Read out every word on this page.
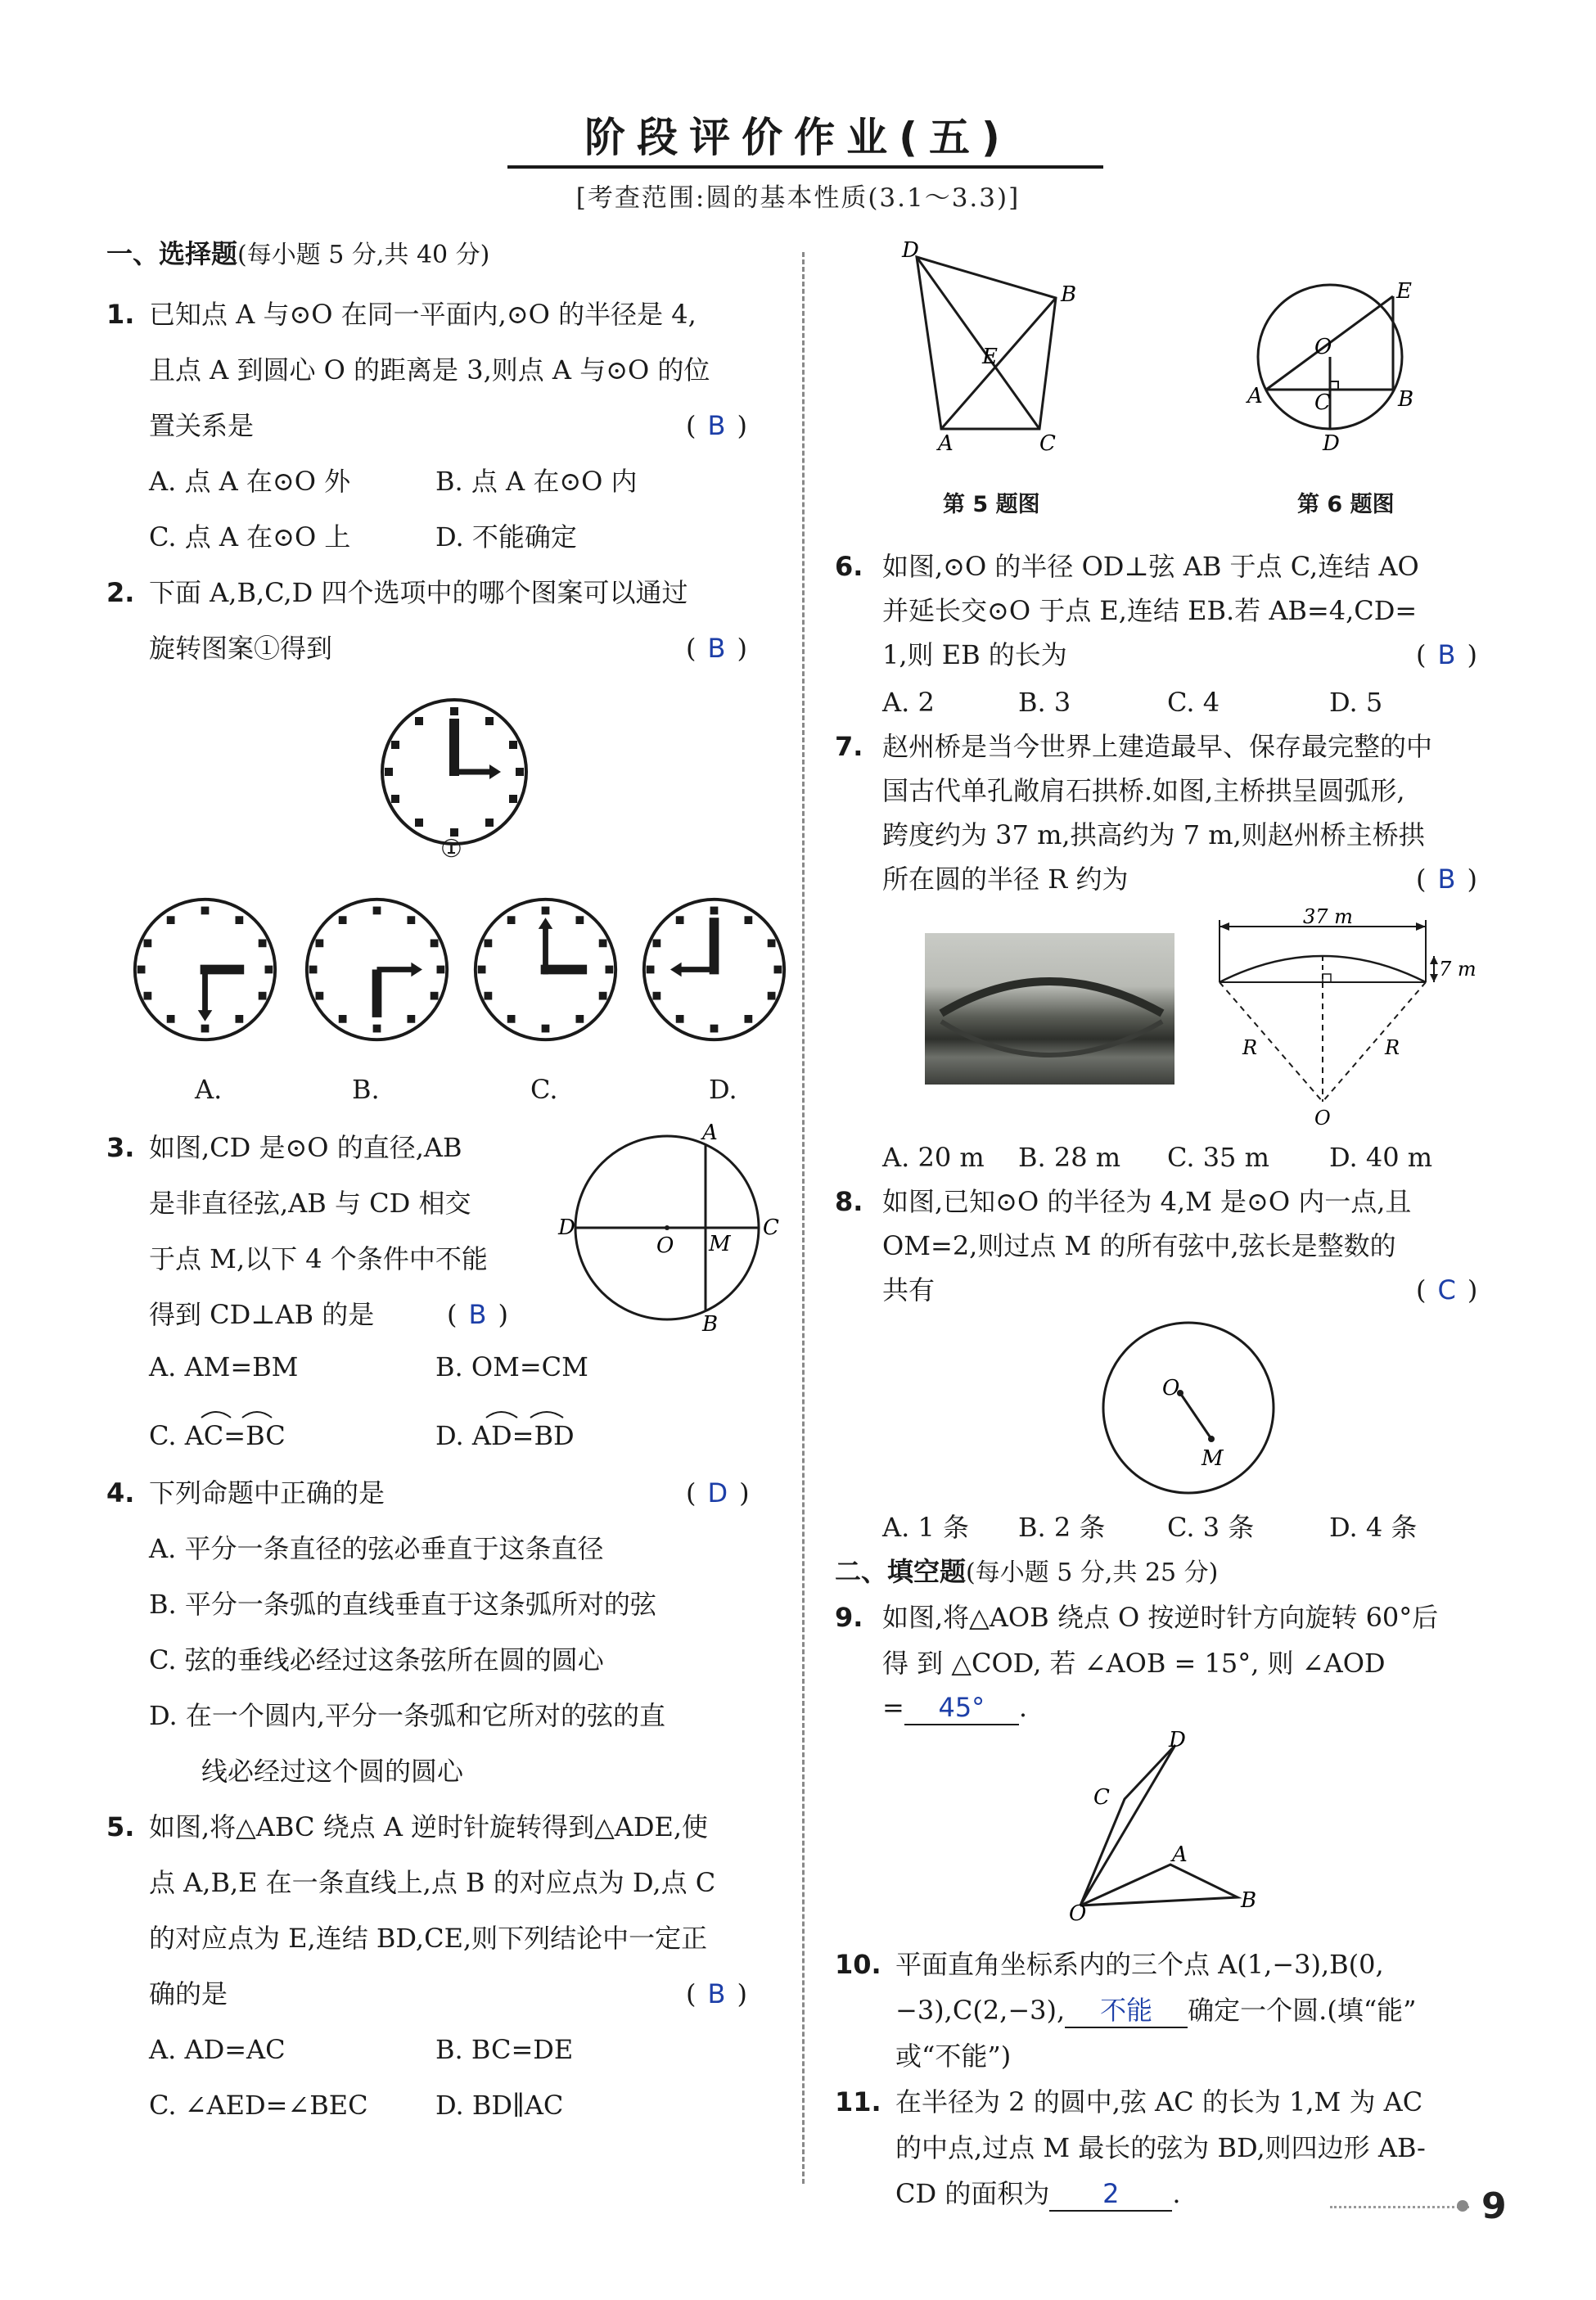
阶段评价作业(五)
[考查范围:圆的基本性质(3.1～3.3)]
一、选择题(每小题 5 分,共 40 分)
1. 已知点 A 与⊙O 在同一平面内,⊙O 的半径是 4,
且点 A 到圆心 O 的距离是 3,则点 A 与⊙O 的位
置关系是	( B )
A. 点 A 在⊙O 外	B. 点 A 在⊙O 内
C. 点 A 在⊙O 上	D. 不能确定
2. 下面 A,B,C,D 四个选项中的哪个图案可以通过
旋转图案①得到	( B )
①
A.	B.	C.	D.
3. 如图,CD 是⊙O 的直径,AB
是非直径弦,AB 与 CD 相交
于点 M,以下 4 个条件中不能
得到 CD⊥AB 的是	( B )
A
B
C
D
O M
A. AM=BM	B. OM=CM
C. AC=BC	D. AD=BD
4. 下列命题中正确的是	( D )
A. 平分一条直径的弦必垂直于这条直径
B. 平分一条弧的直线垂直于这条弧所对的弦
C. 弦的垂线必经过这条弦所在圆的圆心
D. 在一个圆内,平分一条弧和它所对的弦的直
线必经过这个圆的圆心
5. 如图,将△ABC 绕点 A 逆时针旋转得到△ADE,使
点 A,B,E 在一条直线上,点 B 的对应点为 D,点 C
的对应点为 E,连结 BD,CE,则下列结论中一定正
确的是	( B )
A. AD=AC	B. BC=DE
C. ∠AED=∠BEC	D. BD∥AC
D
B
E
A	C
E
O
A C	B
D
第 5 题图	第 6 题图
6. 如图,⊙O 的半径 OD⊥弦 AB 于点 C,连结 AO
并延长交⊙O 于点 E,连结 EB.若 AB=4,CD=
1,则 EB 的长为	( B )
A. 2	B. 3	C. 4	D. 5
7. 赵州桥是当今世界上建造最早、保存最完整的中
国古代单孔敞肩石拱桥.如图,主桥拱呈圆弧形,
跨度约为 37 m,拱高约为 7 m,则赵州桥主桥拱
所在圆的半径 R 约为	( B )
37 m
7 m
R	R
O
A. 20 m B. 28 m C. 35 m D. 40 m
8. 如图,已知⊙O 的半径为 4,M 是⊙O 内一点,且
OM=2,则过点 M 的所有弦中,弦长是整数的
共有	( C )
O
M
A. 1 条 B. 2 条 C. 3 条	D. 4 条
二、填空题(每小题 5 分,共 25 分)
9. 如图,将△AOB 绕点 O 按逆时针方向旋转 60°后
得 到 △COD, 若 ∠AOB = 15°, 则 ∠AOD
= 45° .
D
C
A
B
O
10. 平面直角坐标系内的三个点 A(1,−3),B(0,
−3),C(2,−3), 不能 确定一个圆.(填“能”
或“不能”)
11. 在半径为 2 的圆中,弦 AC 的长为 1,M 为 AC
的中点,过点 M 最长的弦为 BD,则四边形 AB-
CD 的面积为 2 .	9
